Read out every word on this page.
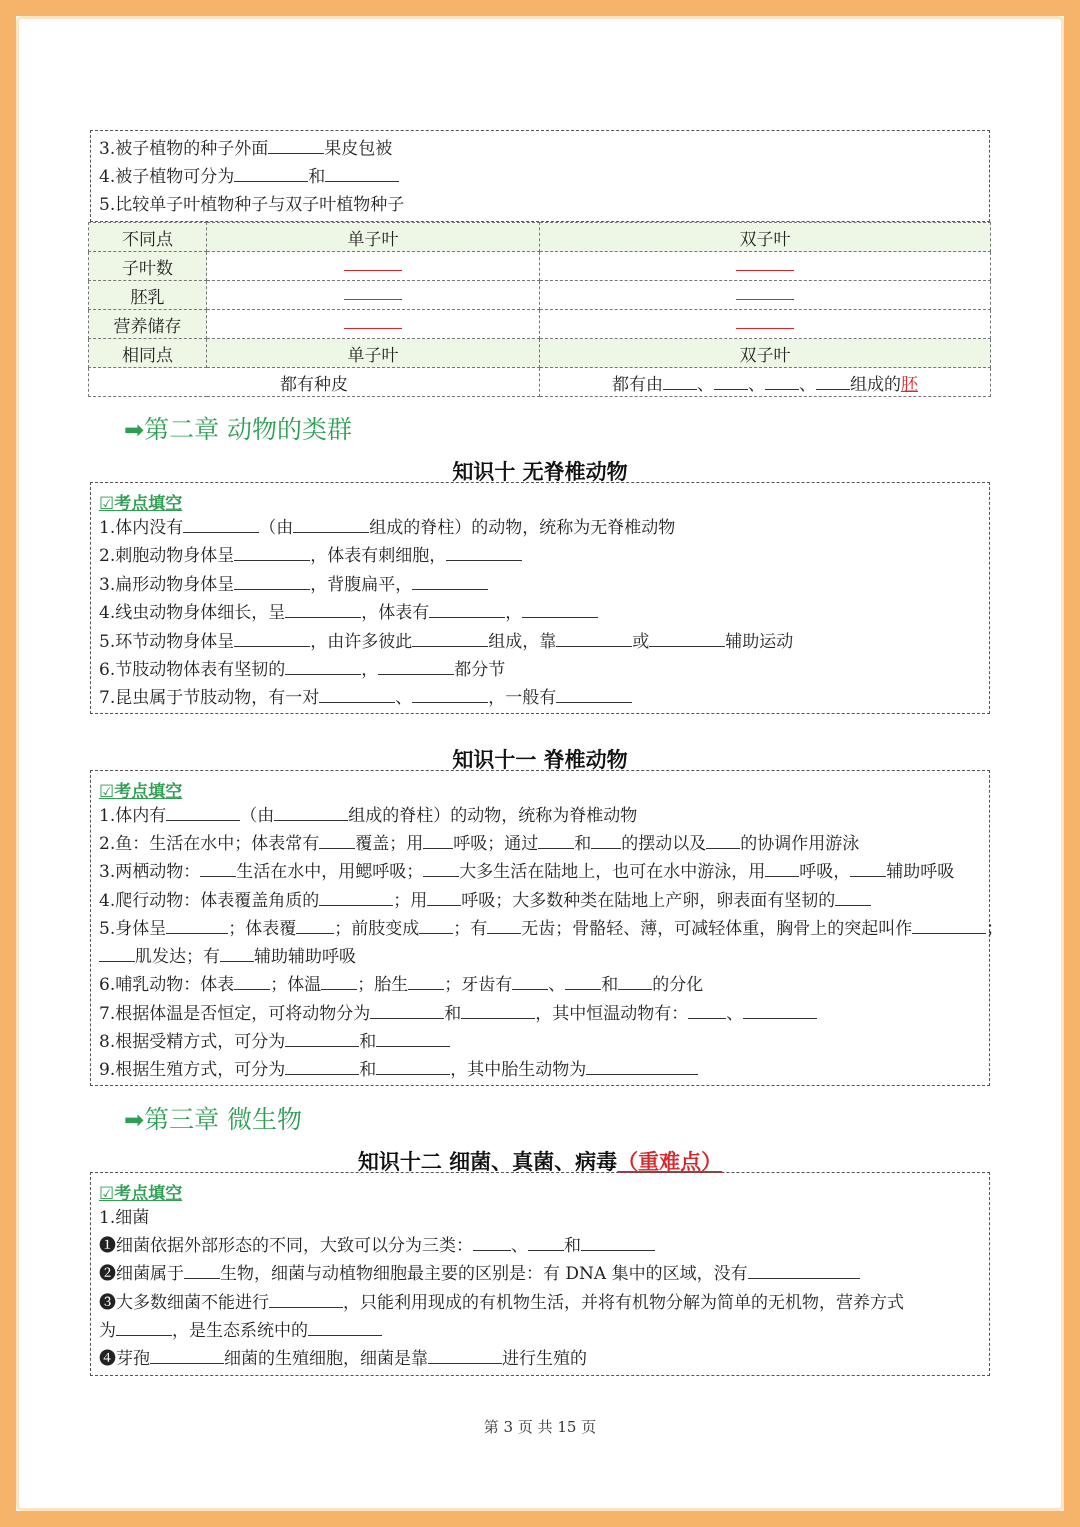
3.被子植物的种子外面	果皮包被
4.被子植物可分为	和
5.比较单子叶植物种子与双子叶植物种子
不同点	单子叶	双子叶
子叶数		
胚乳		
营养储存		
相同点	单子叶	双子叶
都有种皮		都有由 、 、 、 组成的胚
➡第二章 动物的类群
知识十 无脊椎动物
☑考点填空
1.体内没有	（由	组成的脊柱）的动物，统称为无脊椎动物
2.刺胞动物身体呈	，体表有刺细胞，
3.扁形动物身体呈	，背腹扁平，
4.线虫动物身体细长，呈	，体表有	，
5.环节动物身体呈	，由许多彼此	组成，靠	或	辅助运动
6.节肢动物体表有坚韧的	，	都分节
7.昆虫属于节肢动物，有一对	、	，一般有
知识十一 脊椎动物
☑考点填空
1.体内有	（由	组成的脊柱）的动物，统称为脊椎动物
2.鱼：生活在水中；体表常有 覆盖；用 呼吸；通过 和 的摆动以及 的协调作用游泳
3.两栖动物： 生活在水中，用鳃呼吸； 大多生活在陆地上，也可在水中游泳，用 呼吸， 辅助呼吸
4.爬行动物：体表覆盖角质的	；用 呼吸；大多数种类在陆地上产卵，卵表面有坚韧的
5.身体呈	；体表覆 ；前肢变成 ；有 无齿；骨骼轻、薄，可减轻体重，胸骨上的突起叫作	；
肌发达；有 辅助辅助呼吸
6.哺乳动物：体表 ；体温 ；胎生 ；牙齿有 、 和 的分化
7.根据体温是否恒定，可将动物分为	和	，其中恒温动物有： 、
8.根据受精方式，可分为	和
9.根据生殖方式，可分为	和	，其中胎生动物为
➡第三章 微生物
知识十二 细菌、真菌、病毒（重难点）
☑考点填空
1.细菌
❶细菌依据外部形态的不同，大致可以分为三类： 、 和
❷细菌属于 生物，细菌与动植物细胞最主要的区别是：有 DNA 集中的区域，没有
❸大多数细菌不能进行	，只能利用现成的有机物生活，并将有机物分解为简单的无机物，营养方式
为	，是生态系统中的
❹芽孢	细菌的生殖细胞，细菌是靠	进行生殖的
第 3 页 共 15 页
